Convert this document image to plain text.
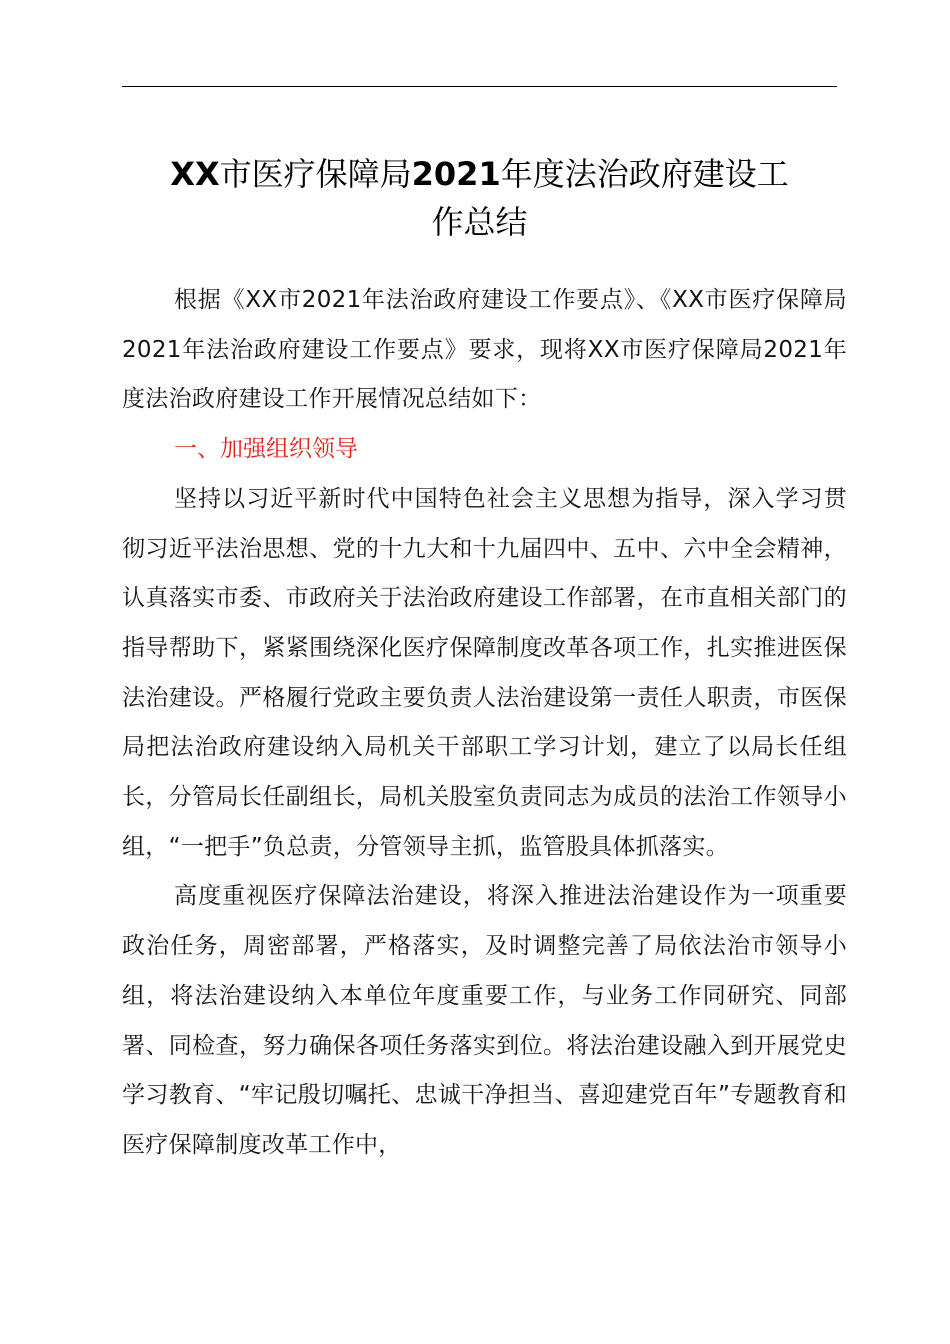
XX市医疗保障局2021年度法治政府建设工
作总结

根据《XX市2021年法治政府建设工作要点》、《XX市医疗保障局2021年法治政府建设工作要点》要求，现将XX市医疗保障局2021年度法治政府建设工作开展情况总结如下：

一、加强组织领导

坚持以习近平新时代中国特色社会主义思想为指导，深入学习贯彻习近平法治思想、党的十九大和十九届四中、五中、六中全会精神，认真落实市委、市政府关于法治政府建设工作部署，在市直相关部门的指导帮助下，紧紧围绕深化医疗保障制度改革各项工作，扎实推进医保法治建设。严格履行党政主要负责人法治建设第一责任人职责，市医保局把法治政府建设纳入局机关干部职工学习计划，建立了以局长任组长，分管局长任副组长，局机关股室负责同志为成员的法治工作领导小组，“一把手”负总责，分管领导主抓，监管股具体抓落实。

高度重视医疗保障法治建设，将深入推进法治建设作为一项重要政治任务，周密部署，严格落实，及时调整完善了局依法治市领导小组，将法治建设纳入本单位年度重要工作，与业务工作同研究、同部署、同检查，努力确保各项任务落实到位。将法治建设融入到开展党史学习教育、“牢记殷切嘱托、忠诚干净担当、喜迎建党百年”专题教育和医疗保障制度改革工作中，
